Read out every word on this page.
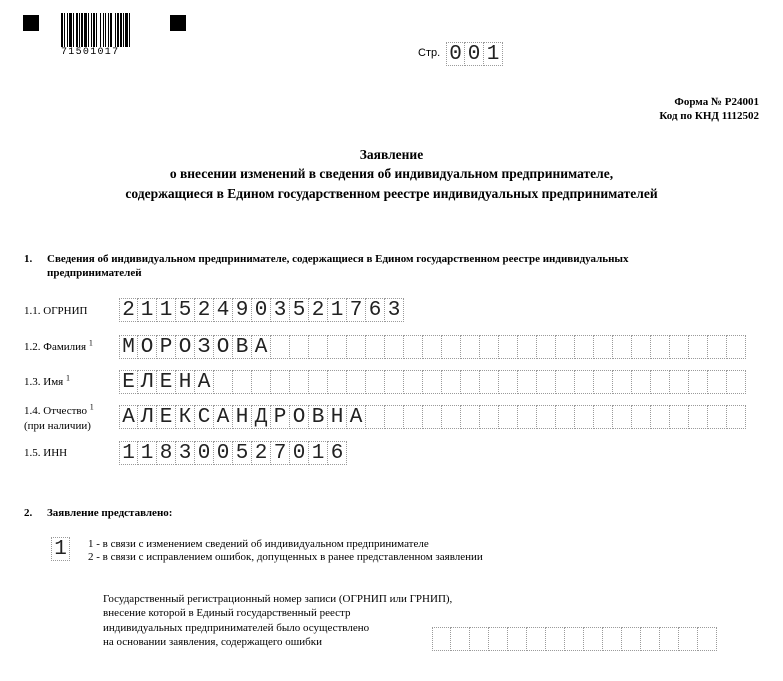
71501017	Стр. 0 0 1
Форма № Р24001
Код по КНД 1112502
Заявление
о внесении изменений в сведения об индивидуальном предпринимателе,
содержащиеся в Едином государственном реестре индивидуальных предпринимателей
1. Сведения об индивидуальном предпринимателе, содержащиеся в Едином государственном реестре индивидуальных
предпринимателей
1.1. ОГРНИП 2 1 1 5 2 4 9 0 3 5 2 1 7 6 3
1.2. Фамилия $^1$ М О Р О З О В А
1.3. Имя $^1$ Е Л Е Н А
1.4. Отчество $^1$
(при наличии) А Л Е К С А Н Д Р О В Н А
1.5. ИНН	1 1 8 3 0 0 5 2 7 0 1 6
2. Заявление представлено:
1 1 - в связи с изменением сведений об индивидуальном предпринимателе
2 - в связи с исправлением ошибок, допущенных в ранее представленном заявлении
Государственный регистрационный номер записи (ОГРНИП или ГРНИП),
внесение которой в Единый государственный реестр
индивидуальных предпринимателей было осуществлено
на основании заявления, содержащего ошибки
